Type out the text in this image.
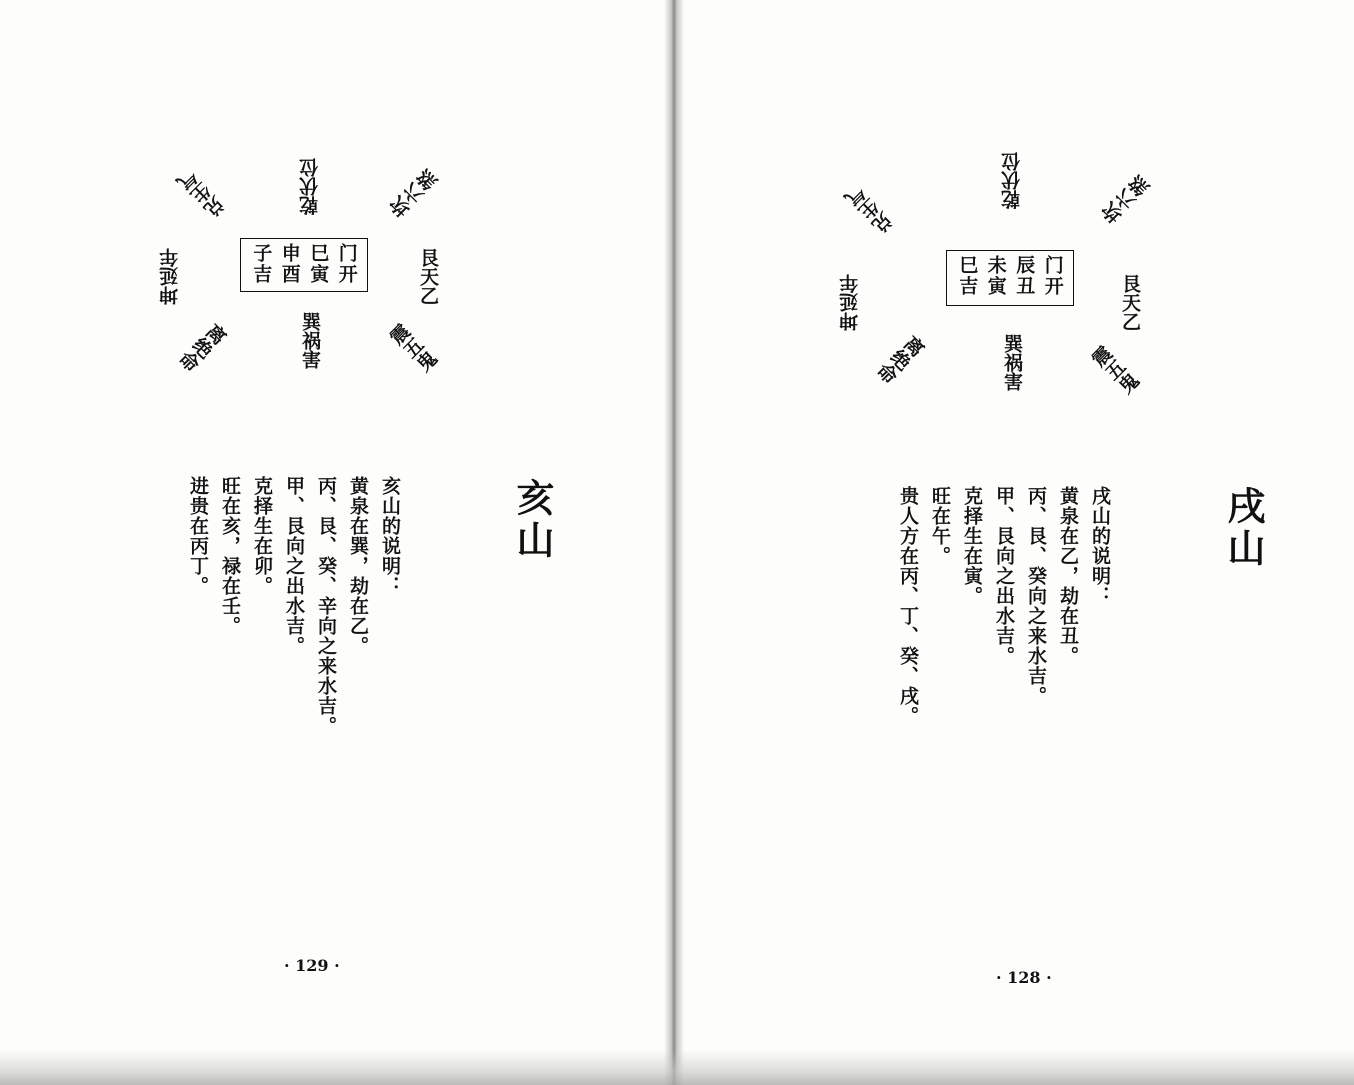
乾伏位	坎六煞
艮天乙
震五鬼
巽祸害
离绝命
坤延年
兑生气
门开
巳寅
申酉
子吉
亥山
亥山的说明：
黄泉在巽，劫在乙。
丙、艮、癸、辛向之来水吉。
甲、艮向之出水吉。
克择生在卯。
旺在亥，禄在壬。
进贵在丙丁。
· 129 ·
乾伏位	坎六煞
艮天乙
震五鬼
巽祸害
离绝命
坤延年
兑生气
门开
辰丑
未寅
巳吉
戌山
戌山的说明：
黄泉在乙，劫在丑。
丙、艮、癸向之来水吉。
甲、艮向之出水吉。
克择生在寅。
旺在午。
贵人方在丙、丁、癸、戌。
· 128 ·
